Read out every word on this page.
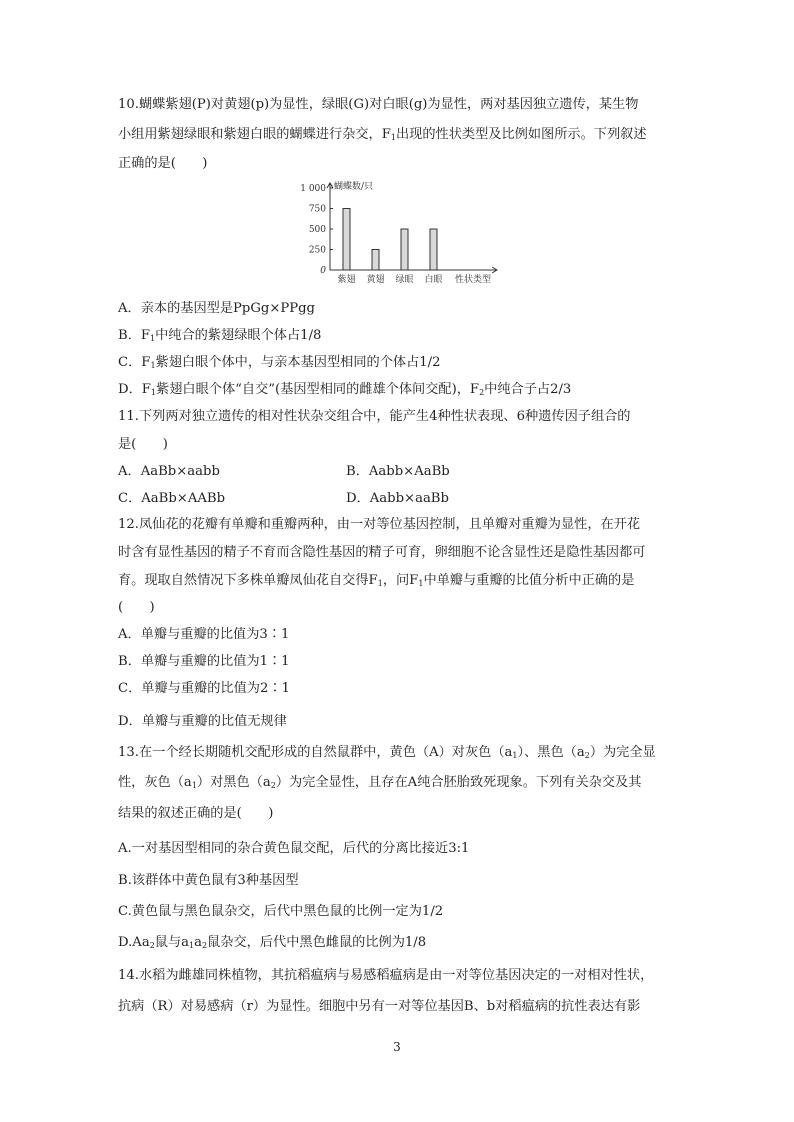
10.蝴蝶紫翅(P)对黄翅(p)为显性，绿眼(G)对白眼(g)为显性，两对基因独立遗传，某生物
小组用紫翅绿眼和紫翅白眼的蝴蝶进行杂交，$F_1$出现的性状类型及比例如图所示。下列叙述
正确的是(　　)
1 000
750
500
250
0
蝴蝶数/只
紫翅 黄翅 绿眼 白眼 性状类型
A．亲本的基因型是PpGg×PPgg
B．$F_1$中纯合的紫翅绿眼个体占1/8
C．$F_1$紫翅白眼个体中，与亲本基因型相同的个体占1/2
D．$F_1$紫翅白眼个体“自交”(基因型相同的雌雄个体间交配)，$F_2$中纯合子占2/3
11.下列两对独立遗传的相对性状杂交组合中，能产生4种性状表现、6种遗传因子组合的
是(　　)
A．AaBb×aabb	B．Aabb×AaBb
C．AaBb×AABb	D．Aabb×aaBb
12.凤仙花的花瓣有单瓣和重瓣两种，由一对等位基因控制，且单瓣对重瓣为显性，在开花
时含有显性基因的精子不育而含隐性基因的精子可育，卵细胞不论含显性还是隐性基因都可
育。现取自然情况下多株单瓣凤仙花自交得$F_1$，问$F_1$中单瓣与重瓣的比值分析中正确的是
(　　)
A．单瓣与重瓣的比值为3∶1
B．单瓣与重瓣的比值为1∶1
C．单瓣与重瓣的比值为2∶1
D．单瓣与重瓣的比值无规律
13.在一个经长期随机交配形成的自然鼠群中，黄色（A）对灰色$(a_1)$、黑色$(a_2)$为完全显
性，灰色$(a_1)$对黑色$(a_2)$为完全显性，且存在A纯合胚胎致死现象。下列有关杂交及其
结果的叙述正确的是(　　)
A.一对基因型相同的杂合黄色鼠交配，后代的分离比接近3:1
B.该群体中黄色鼠有3种基因型
C.黄色鼠与黑色鼠杂交，后代中黑色鼠的比例一定为1/2
$D.Aa_2$鼠与$a_1a_2$鼠杂交，后代中黑色雌鼠的比例为1/8
14.水稻为雌雄同株植物，其抗稻瘟病与易感稻瘟病是由一对等位基因决定的一对相对性状，
抗病（R）对易感病（r）为显性。细胞中另有一对等位基因B、b对稻瘟病的抗性表达有影
3
